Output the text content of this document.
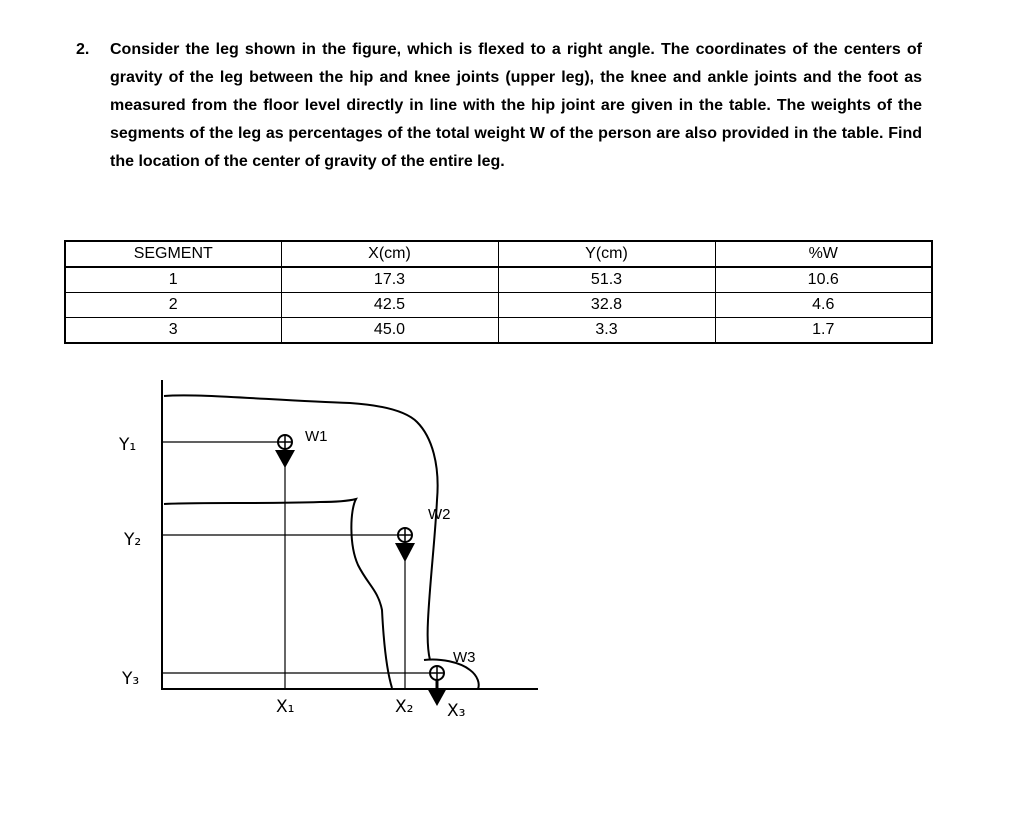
2.	Consider the leg shown in the figure, which is flexed to a right angle. The coordinates of the centers of gravity of the leg between the hip and knee joints (upper leg), the knee and ankle joints and the foot as measured from the floor level directly in line with the hip joint are given in the table. The weights of the segments of the leg as percentages of the total weight W of the person are also provided in the table. Find the location of the center of gravity of the entire leg.
SEGMENT	X(cm)	Y(cm)	%W
1	17.3	51.3	10.6
2	42.5	32.8	4.6
3	45.0	3.3	1.7
Y₁
Y₂
Y₃
X₁	X₂ X₃
W1
W2
W3
